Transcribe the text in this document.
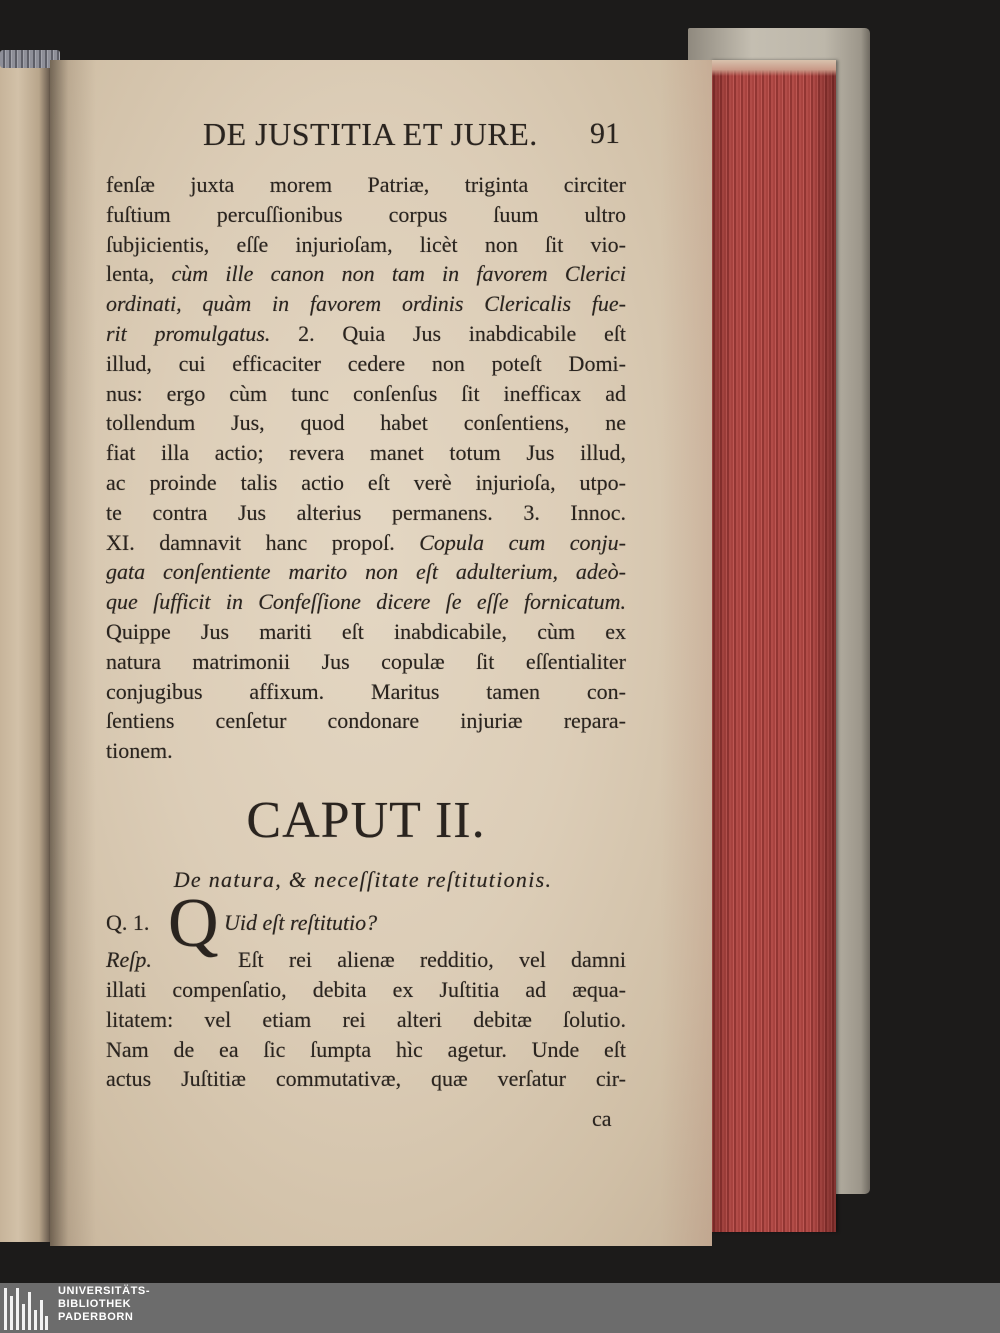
DE JUSTITIA ET JURE. 91
fenſæ juxta morem Patriæ, triginta circiter
fuſtium percuſſionibus corpus ſuum ultro
ſubjicientis, eſſe injurioſam, licèt non ſit vio-
lenta, cùm ille canon non tam in favorem Clerici
ordinati, quàm in favorem ordinis Clericalis fue-
rit promulgatus. 2. Quia Jus inabdicabile eſt
illud, cui efficaciter cedere non poteſt Domi-
nus: ergo cùm tunc conſenſus ſit inefficax ad
tollendum Jus, quod habet conſentiens, ne
fiat illa actio; revera manet totum Jus illud,
ac proinde talis actio eſt verè injurioſa, utpo-
te contra Jus alterius permanens. 3. Innoc.
XI. damnavit hanc propoſ. Copula cum conju-
gata conſentiente marito non eſt adulterium, adeò-
que ſufficit in Confeſſione dicere ſe eſſe fornicatum.
Quippe Jus mariti eſt inabdicabile, cùm ex
natura matrimonii Jus copulæ ſit eſſentialiter
conjugibus affixum. Maritus tamen con-
ſentiens cenſetur condonare injuriæ repara-
tionem.
CAPUT II.
De natura, & neceſſitate reſtitutionis.
Q. 1. Q Uid eſt reſtitutio?
Reſp.	Eſt rei alienæ redditio, vel damni
illati compenſatio, debita ex Juſtitia ad æqua-
litatem: vel etiam rei alteri debitæ ſolutio.
Nam de ea ſic ſumpta hìc agetur. Unde eſt
actus Juſtitiæ commutativæ, quæ verſatur cir-
ca
UNIVERSITÄTS-
BIBLIOTHEK
PADERBORN
